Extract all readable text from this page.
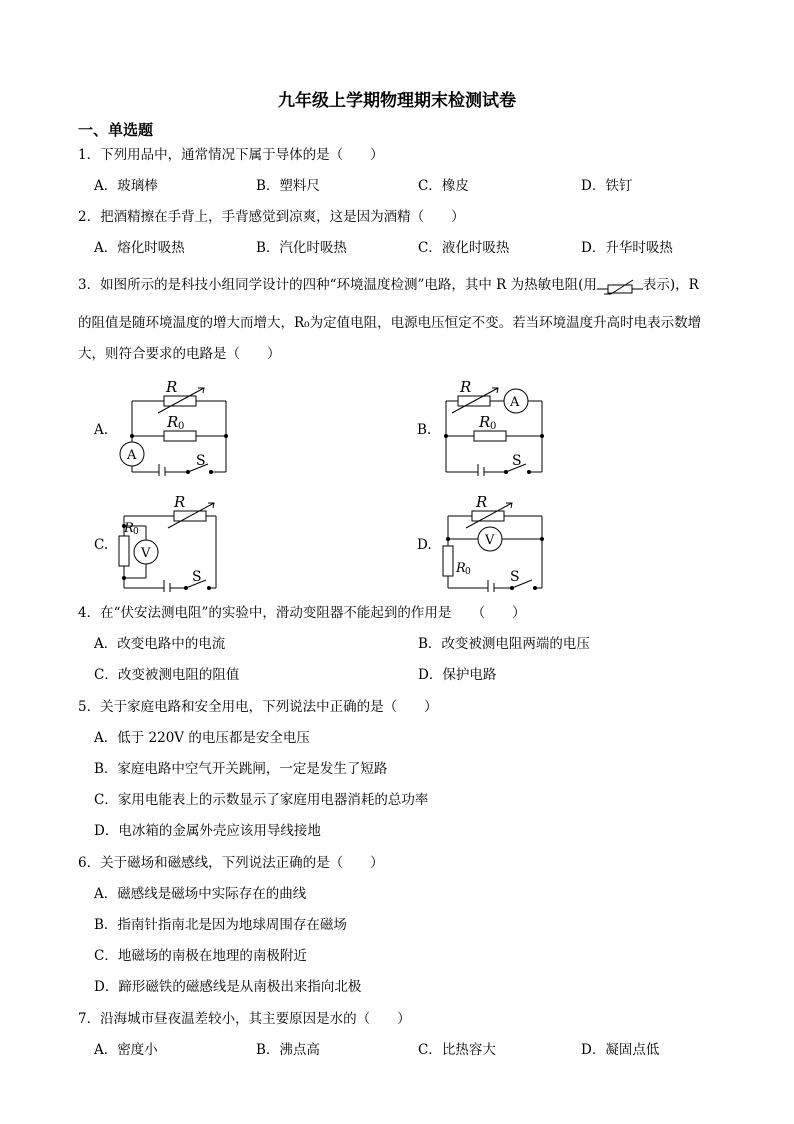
九年级上学期物理期末检测试卷
一、单选题
1．下列用品中，通常情况下属于导体的是（　　）
A．玻璃棒	B．塑料尺	C．橡皮	D．铁钉
2．把酒精擦在手背上，手背感觉到凉爽，这是因为酒精（　　）
A．熔化时吸热	B．汽化时吸热	C．液化时吸热	D．升华时吸热
3．如图所示的是科技小组同学设计的四种“环境温度检测”电路，其中 R 为热敏电阻(用	表示)，R
的阻值是随环境温度的增大而增大，R₀为定值电阻，电源电压恒定不变。若当环境温度升高时电表示数增
大，则符合要求的电路是（　　）
A.
R
R 0
A	S
B.
R
A
R 0
S
C.
R
R 0
V
S
D.
R
V
R 0	S
4．在“伏安法测电阻”的实验中，滑动变阻器不能起到的作用是　　（　　）
A．改变电路中的电流	B．改变被测电阻两端的电压
C．改变被测电阻的阻值	D．保护电路
5．关于家庭电路和安全用电，下列说法中正确的是（　　）
A．低于 220V 的电压都是安全电压
B．家庭电路中空气开关跳闸，一定是发生了短路
C．家用电能表上的示数显示了家庭用电器消耗的总功率
D．电冰箱的金属外壳应该用导线接地
6．关于磁场和磁感线，下列说法正确的是（　　）
A．磁感线是磁场中实际存在的曲线
B．指南针指南北是因为地球周围存在磁场
C．地磁场的南极在地理的南极附近
D．蹄形磁铁的磁感线是从南极出来指向北极
7．沿海城市昼夜温差较小，其主要原因是水的（　　）
A．密度小	B．沸点高	C．比热容大	D．凝固点低
